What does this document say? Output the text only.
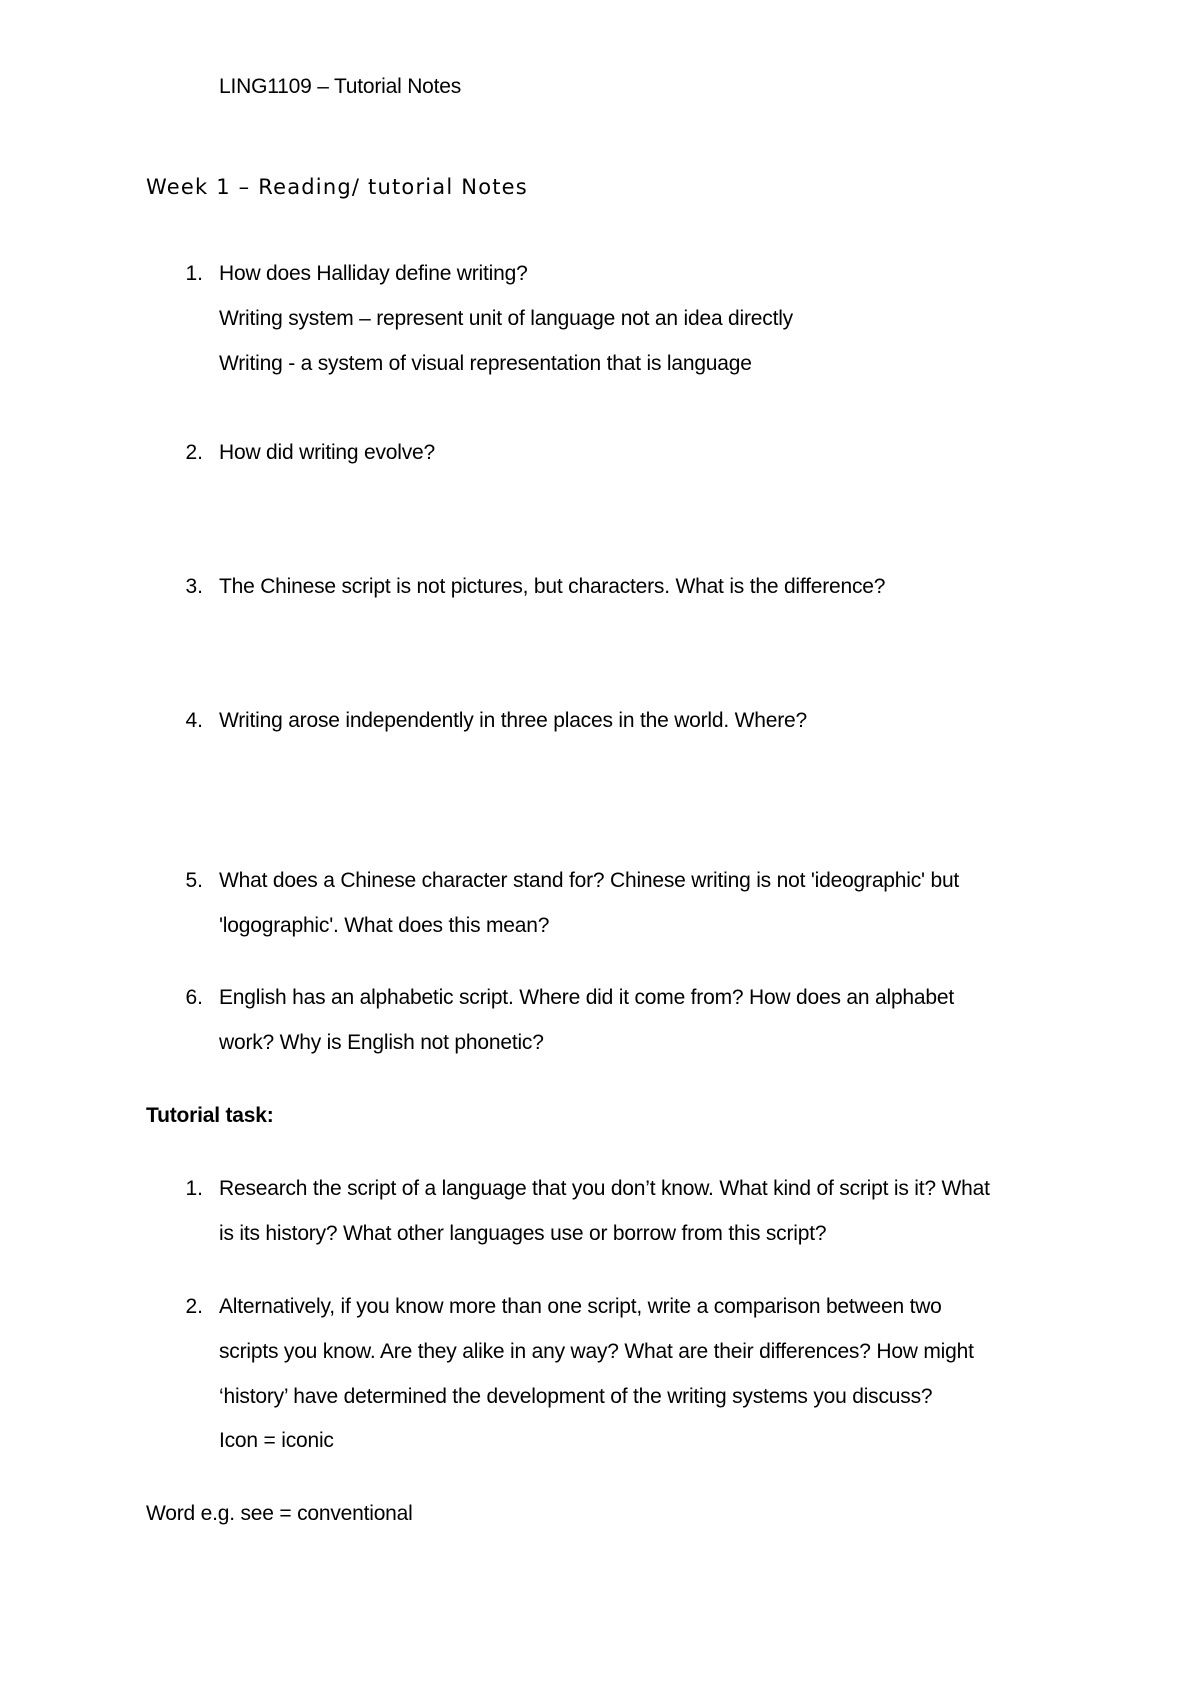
LING1109 – Tutorial Notes
Week 1 – Reading/ tutorial Notes
1. How does Halliday define writing?
Writing system – represent unit of language not an idea directly
Writing - a system of visual representation that is language
2. How did writing evolve?
3. The Chinese script is not pictures, but characters. What is the difference?
4. Writing arose independently in three places in the world. Where?
5. What does a Chinese character stand for? Chinese writing is not 'ideographic' but
'logographic'. What does this mean?
6. English has an alphabetic script. Where did it come from? How does an alphabet
work? Why is English not phonetic?
Tutorial task:
1. Research the script of a language that you don’t know. What kind of script is it? What
is its history? What other languages use or borrow from this script?
2. Alternatively, if you know more than one script, write a comparison between two
scripts you know. Are they alike in any way? What are their differences? How might
‘history’ have determined the development of the writing systems you discuss?
Icon = iconic
Word e.g. see = conventional
